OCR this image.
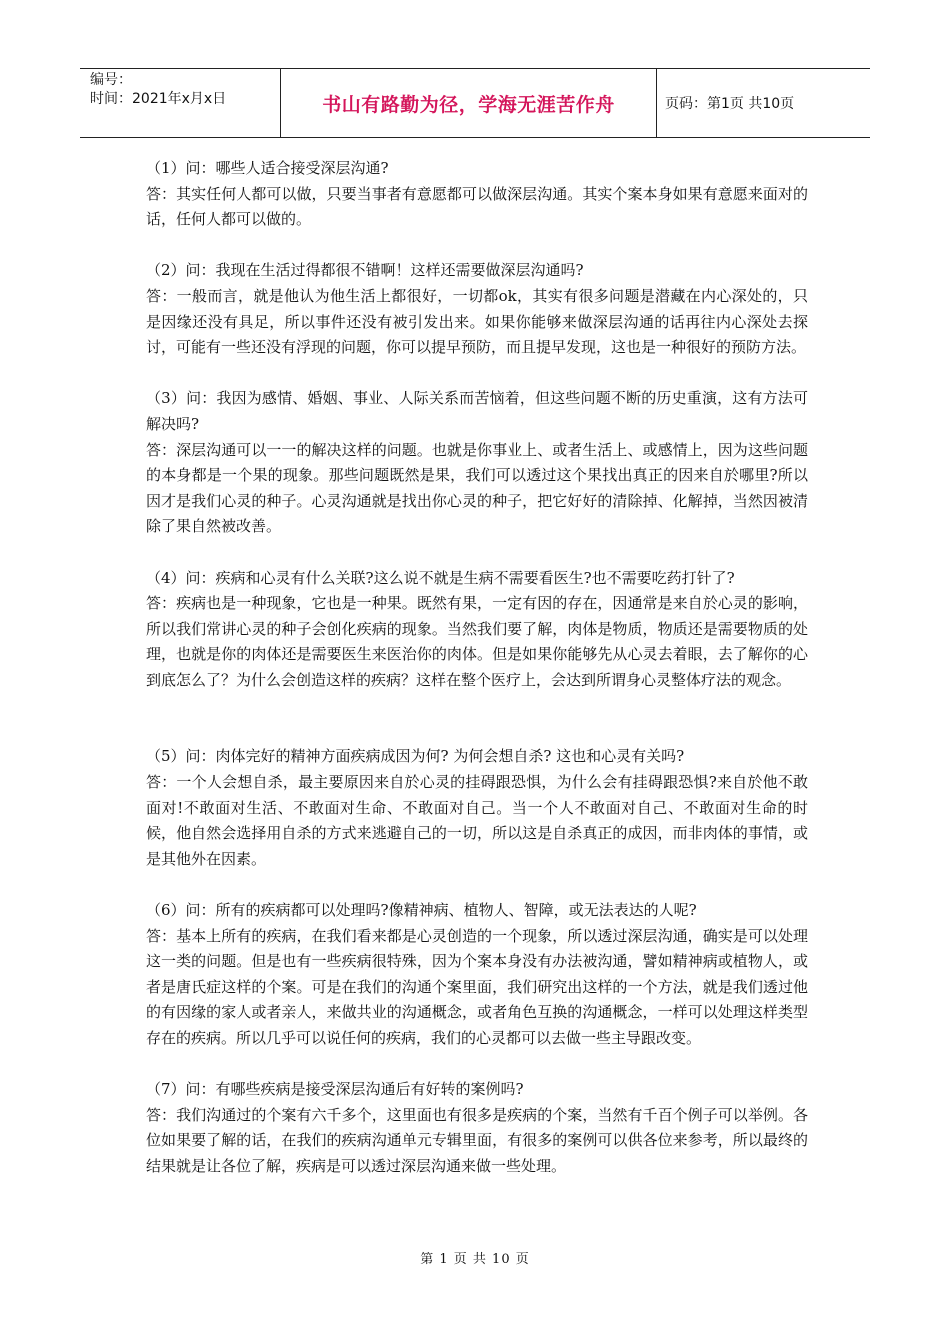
编号：
时间：2021年x月x日	书山有路勤为径，学海无涯苦作舟	页码：第1页 共10页

（1）问：哪些人适合接受深层沟通?

答：其实任何人都可以做，只要当事者有意愿都可以做深层沟通。其实个案本身如果有意愿来面对的话，任何人都可以做的。

（2）问：我现在生活过得都很不错啊！这样还需要做深层沟通吗?

答：一般而言，就是他认为他生活上都很好，一切都ok，其实有很多问题是潜藏在内心深处的，只是因缘还没有具足，所以事件还没有被引发出来。如果你能够来做深层沟通的话再往内心深处去探讨，可能有一些还没有浮现的问题，你可以提早预防，而且提早发现，这也是一种很好的预防方法。

（3）问：我因为感情、婚姻、事业、人际关系而苦恼着，但这些问题不断的历史重演，这有方法可解决吗?

答：深层沟通可以一一的解决这样的问题。也就是你事业上、或者生活上、或感情上，因为这些问题的本身都是一个果的现象。那些问题既然是果，我们可以透过这个果找出真正的因来自於哪里?所以因才是我们心灵的种子。心灵沟通就是找出你心灵的种子，把它好好的清除掉、化解掉，当然因被清除了果自然被改善。

（4）问：疾病和心灵有什么关联?这么说不就是生病不需要看医生?也不需要吃药打针了?

答：疾病也是一种现象，它也是一种果。既然有果，一定有因的存在，因通常是来自於心灵的影响，所以我们常讲心灵的种子会创化疾病的现象。当然我们要了解，肉体是物质，物质还是需要物质的处理，也就是你的肉体还是需要医生来医治你的肉体。但是如果你能够先从心灵去着眼，去了解你的心到底怎么了？为什么会创造这样的疾病？这样在整个医疗上，会达到所谓身心灵整体疗法的观念。

（5）问：肉体完好的精神方面疾病成因为何? 为何会想自杀? 这也和心灵有关吗?

答：一个人会想自杀，最主要原因来自於心灵的挂碍跟恐惧，为什么会有挂碍跟恐惧?来自於他不敢面对!不敢面对生活、不敢面对生命、不敢面对自己。当一个人不敢面对自己、不敢面对生命的时候，他自然会选择用自杀的方式来逃避自己的一切，所以这是自杀真正的成因，而非肉体的事情，或是其他外在因素。

（6）问：所有的疾病都可以处理吗?像精神病、植物人、智障，或无法表达的人呢?

答：基本上所有的疾病，在我们看来都是心灵创造的一个现象，所以透过深层沟通，确实是可以处理这一类的问题。但是也有一些疾病很特殊，因为个案本身没有办法被沟通，譬如精神病或植物人，或者是唐氏症这样的个案。可是在我们的沟通个案里面，我们研究出这样的一个方法，就是我们透过他的有因缘的家人或者亲人，来做共业的沟通概念，或者角色互换的沟通概念，一样可以处理这样类型存在的疾病。所以几乎可以说任何的疾病，我们的心灵都可以去做一些主导跟改变。

（7）问：有哪些疾病是接受深层沟通后有好转的案例吗?

答：我们沟通过的个案有六千多个，这里面也有很多是疾病的个案，当然有千百个例子可以举例。各位如果要了解的话，在我们的疾病沟通单元专辑里面，有很多的案例可以供各位来参考，所以最终的结果就是让各位了解，疾病是可以透过深层沟通来做一些处理。

第 1 页 共 10 页
